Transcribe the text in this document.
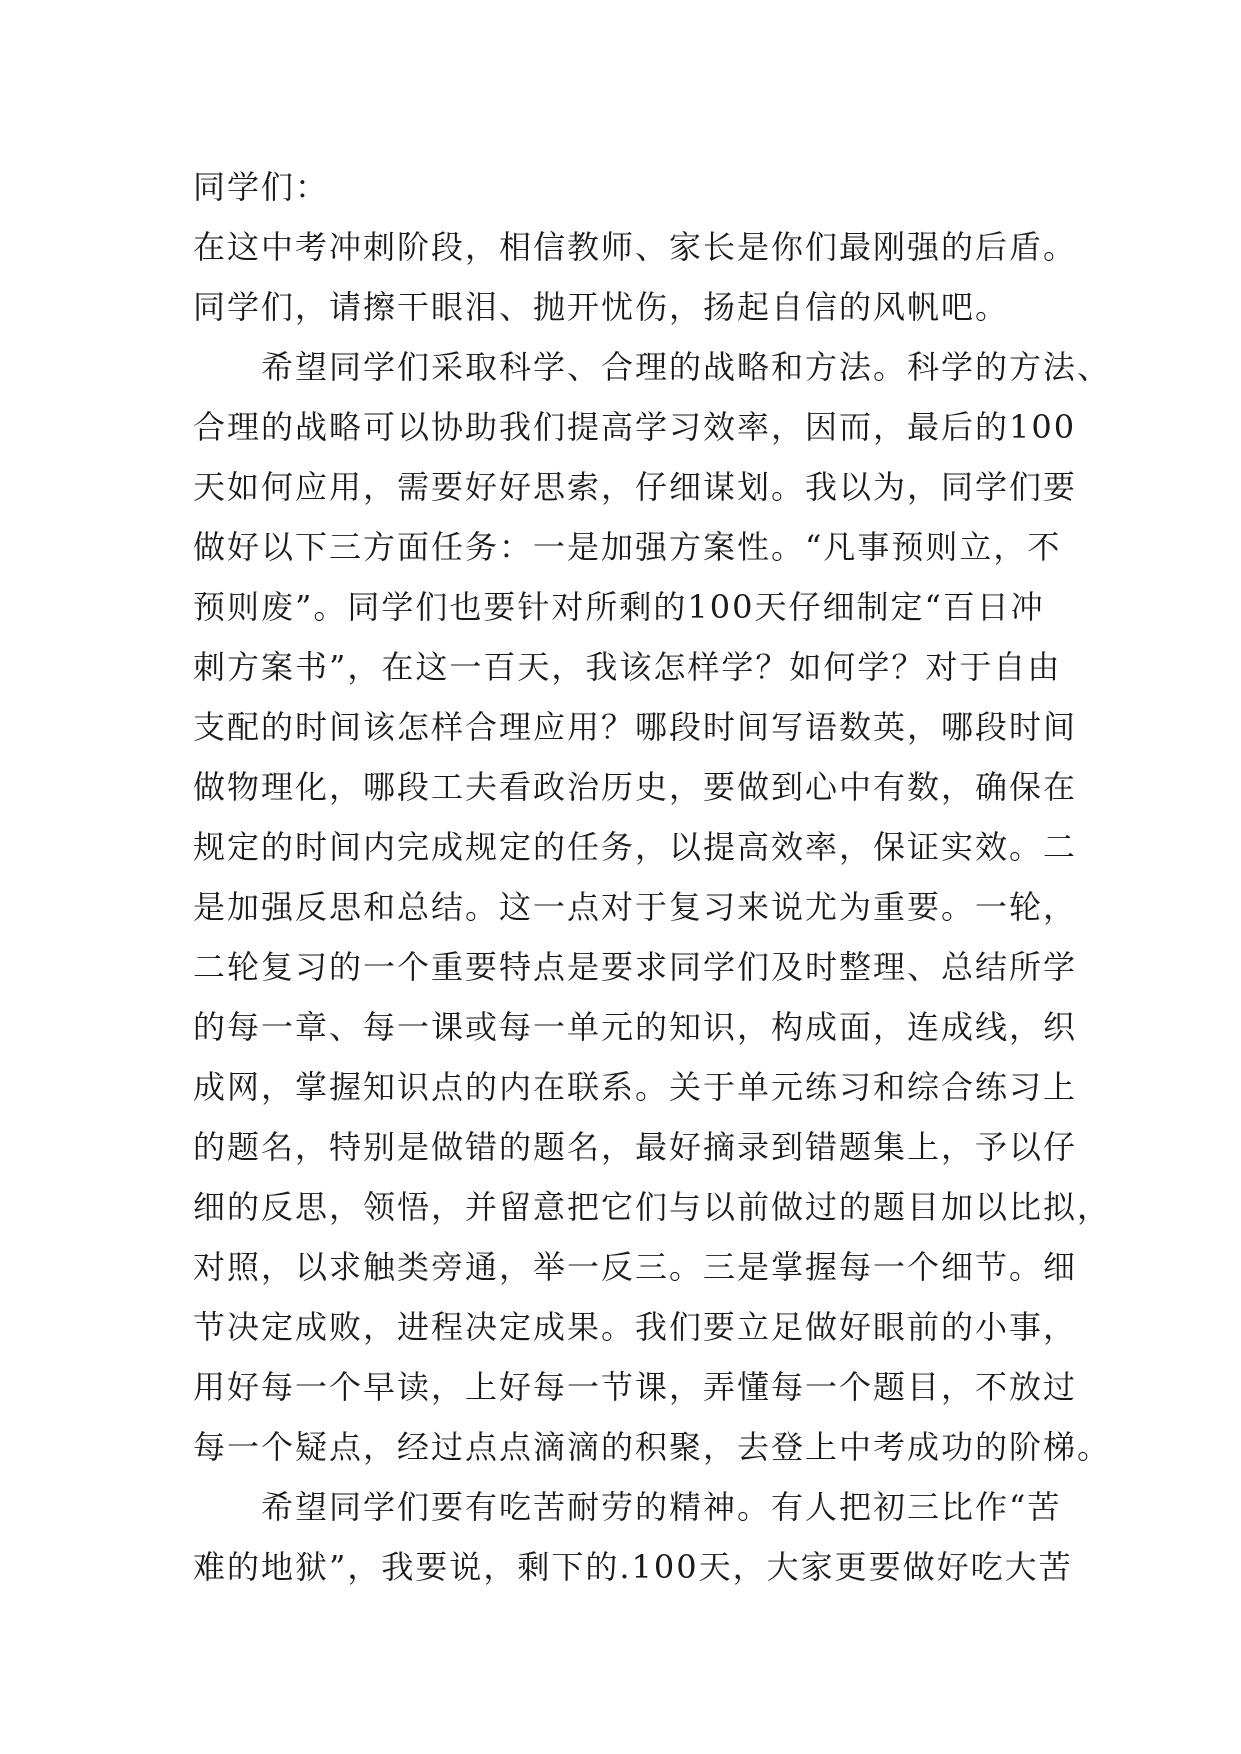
同学们：
在这中考冲刺阶段，相信教师、家长是你们最刚强的后盾。
同学们，请擦干眼泪、抛开忧伤，扬起自信的风帆吧。
希望同学们采取科学、合理的战略和方法。科学的方法、
合理的战略可以协助我们提高学习效率，因而，最后的100
天如何应用，需要好好思索，仔细谋划。我以为，同学们要
做好以下三方面任务：一是加强方案性。“凡事预则立，不
预则废”。同学们也要针对所剩的100天仔细制定“百日冲
刺方案书”，在这一百天，我该怎样学？如何学？对于自由
支配的时间该怎样合理应用？哪段时间写语数英，哪段时间
做物理化，哪段工夫看政治历史，要做到心中有数，确保在
规定的时间内完成规定的任务，以提高效率，保证实效。二
是加强反思和总结。这一点对于复习来说尤为重要。一轮，
二轮复习的一个重要特点是要求同学们及时整理、总结所学
的每一章、每一课或每一单元的知识，构成面，连成线，织
成网，掌握知识点的内在联系。关于单元练习和综合练习上
的题名，特别是做错的题名，最好摘录到错题集上，予以仔
细的反思，领悟，并留意把它们与以前做过的题目加以比拟，
对照，以求触类旁通，举一反三。三是掌握每一个细节。细
节决定成败，进程决定成果。我们要立足做好眼前的小事，
用好每一个早读，上好每一节课，弄懂每一个题目，不放过
每一个疑点，经过点点滴滴的积聚，去登上中考成功的阶梯。
希望同学们要有吃苦耐劳的精神。有人把初三比作“苦
难的地狱”，我要说，剩下的.100天，大家更要做好吃大苦
